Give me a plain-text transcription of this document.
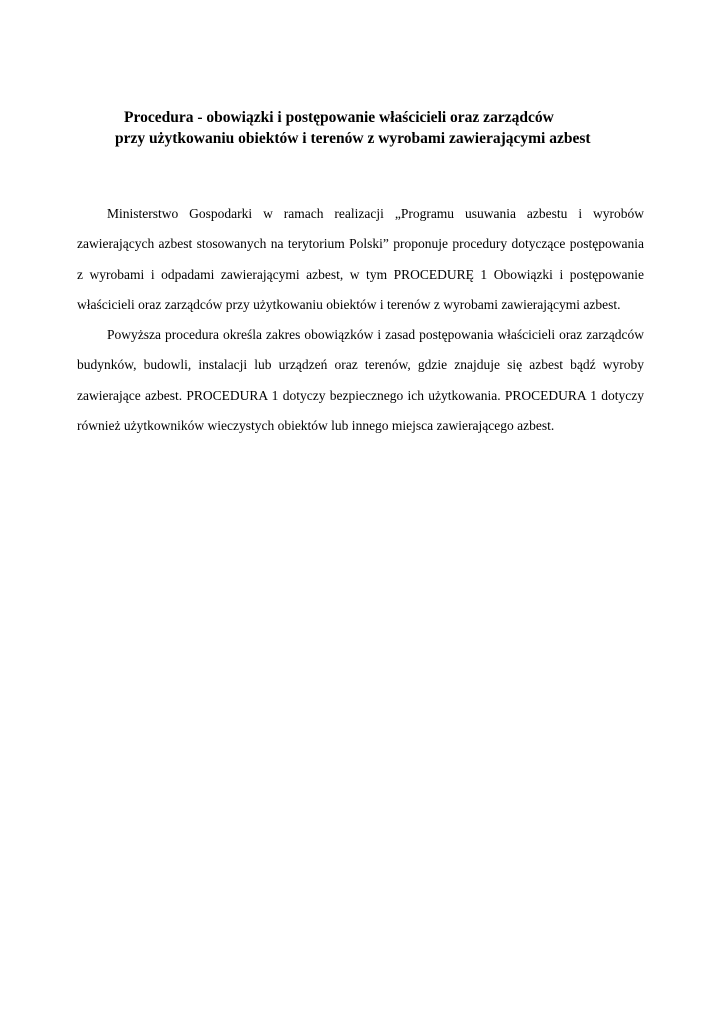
Procedura - obowiązki i postępowanie właścicieli oraz zarządców
przy użytkowaniu obiektów i terenów z wyrobami zawierającymi azbest

Ministerstwo Gospodarki w ramach realizacji „Programu usuwania azbestu i wyrobów zawierających azbest stosowanych na terytorium Polski” proponuje procedury dotyczące postępowania z wyrobami i odpadami zawierającymi azbest, w tym PROCEDURĘ 1 Obowiązki i postępowanie właścicieli oraz zarządców przy użytkowaniu obiektów i terenów z wyrobami zawierającymi azbest.

Powyższa procedura określa zakres obowiązków i zasad postępowania właścicieli oraz zarządców budynków, budowli, instalacji lub urządzeń oraz terenów, gdzie znajduje się azbest bądź wyroby zawierające azbest. PROCEDURA 1 dotyczy bezpiecznego ich użytkowania. PROCEDURA 1 dotyczy również użytkowników wieczystych obiektów lub innego miejsca zawierającego azbest.
